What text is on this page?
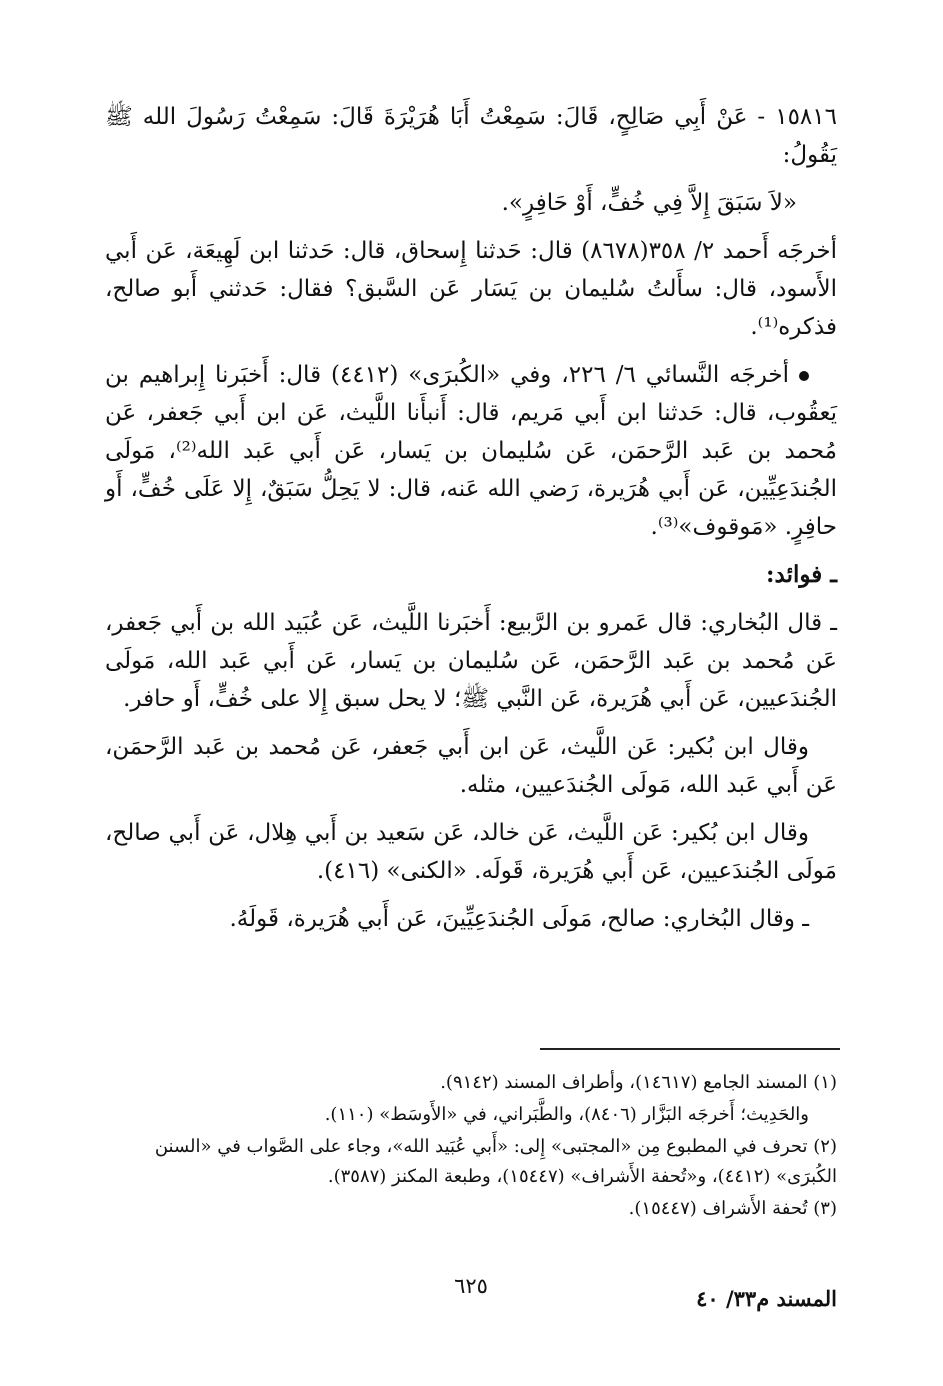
١٥٨١٦ - عَنْ أَبِي صَالِحٍ، قَالَ: سَمِعْتُ أَبَا هُرَيْرَةَ قَالَ: سَمِعْتُ رَسُولَ الله ﷺ يَقُولُ:

«لاَ سَبَقَ إِلاَّ فِي خُفٍّ، أَوْ حَافِرٍ».

أخرجَه أَحمد ٢/ ٣٥٨(٨٦٧٨) قال: حَدثنا إِسحاق، قال: حَدثنا ابن لَهِيعَة، عَن أَبي الأَسود، قال: سأَلتُ سُليمان بن يَسَار عَن السَّبق؟ فقال: حَدثني أَبو صالح، فذكره⁽¹⁾.

أخرجَه النَّسائي ٦/ ٢٢٦، وفي «الكُبرَى» (٤٤١٢) قال: أَخبَرنا إِبراهيم بن يَعقُوب، قال: حَدثنا ابن أَبي مَريم، قال: أَنبأَنا اللَّيث، عَن ابن أَبي جَعفر، عَن مُحمد بن عَبد الرَّحمَن، عَن سُليمان بن يَسار، عَن أَبي عَبد الله⁽²⁾، مَولَى الجُندَعِيِّين، عَن أَبي هُرَيرة، رَضي الله عَنه، قال: لا يَحِلُّ سَبَقٌ، إِلا عَلَى خُفٍّ، أَو حافِرٍ. «مَوقوف»⁽³⁾.

ـ فوائد:

ـ قال البُخاري: قال عَمرو بن الرَّبيع: أَخبَرنا اللَّيث، عَن عُبَيد الله بن أَبي جَعفر، عَن مُحمد بن عَبد الرَّحمَن، عَن سُليمان بن يَسار، عَن أَبي عَبد الله، مَولَى الجُندَعيين، عَن أَبي هُرَيرة، عَن النَّبي ﷺ؛ لا يحل سبق إِلا على خُفٍّ، أَو حافر.

وقال ابن بُكير: عَن اللَّيث، عَن ابن أَبي جَعفر، عَن مُحمد بن عَبد الرَّحمَن، عَن أَبي عَبد الله، مَولَى الجُندَعيين، مثله.

وقال ابن بُكير: عَن اللَّيث، عَن خالد، عَن سَعيد بن أَبي هِلال، عَن أَبي صالح، مَولَى الجُندَعيين، عَن أَبي هُرَيرة، قَولَه. «الكنى» (٤١٦).

ـ وقال البُخاري: صالح، مَولَى الجُندَعِيِّينَ، عَن أَبي هُرَيرة، قَولَهُ.

(١) المسند الجامع (١٤٦١٧)، وأطراف المسند (٩١٤٢).

والحَدِيث؛ أَخرجَه البَزَّار (٨٤٠٦)، والطَّبَراني، في «الأَوسَط» (١١٠).

(٢) تحرف في المطبوع مِن «المجتبى» إِلى: «أَبي عُبَيد الله»، وجاء على الصَّواب في «السنن الكُبرَى» (٤٤١٢)، و«تُحفة الأَشراف» (١٥٤٤٧)، وطبعة المكنز (٣٥٨٧).

(٣) تُحفة الأَشراف (١٥٤٤٧).

المسند م٣٣/ ٤٠
٦٢٥
